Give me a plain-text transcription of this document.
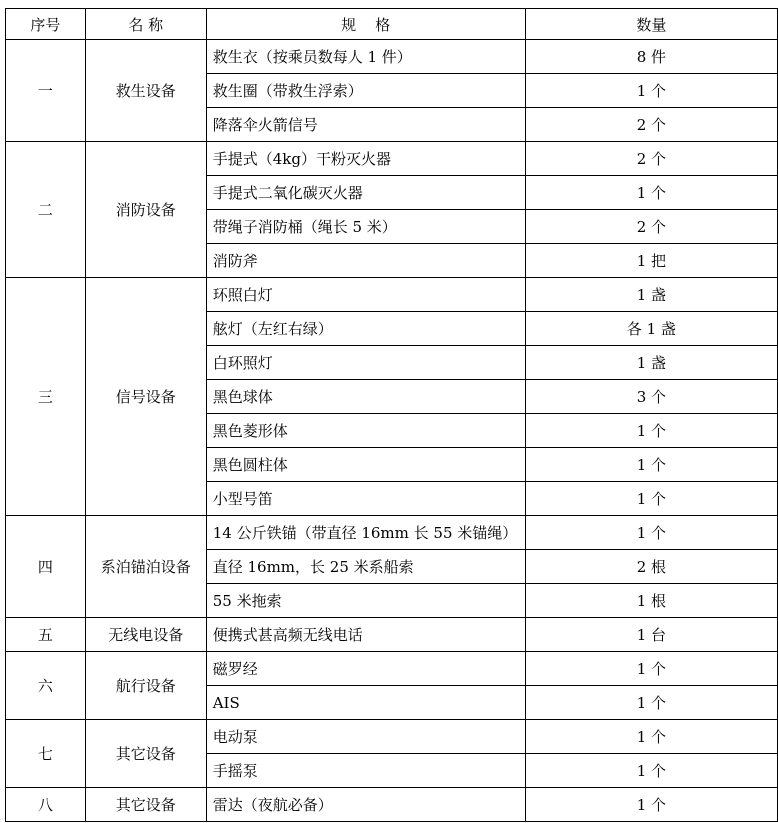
序号	名 称	规    格	数量
一	救生设备	救生衣（按乘员数每人 1 件）	8 件
		救生圈（带救生浮索）	1 个
		降落伞火箭信号	2 个
二	消防设备	手提式（4kg）干粉灭火器	2 个
		手提式二氧化碳灭火器	1 个
		带绳子消防桶（绳长 5 米）	2 个
		消防斧	1 把
三	信号设备	环照白灯	1 盏
		舷灯（左红右绿）	各 1 盏
		白环照灯	1 盏
		黑色球体	3 个
		黑色菱形体	1 个
		黑色圆柱体	1 个
		小型号笛	1 个
四	系泊锚泊设备	14 公斤铁锚（带直径 16mm 长 55 米锚绳）	1 个
		直径 16mm，长 25 米系船索	2 根
		55 米拖索	1 根
五	无线电设备	便携式甚高频无线电话	1 台
六	航行设备	磁罗经	1 个
		AIS	1 个
七	其它设备	电动泵	1 个
		手摇泵	1 个
八	其它设备	雷达（夜航必备）	1 个
